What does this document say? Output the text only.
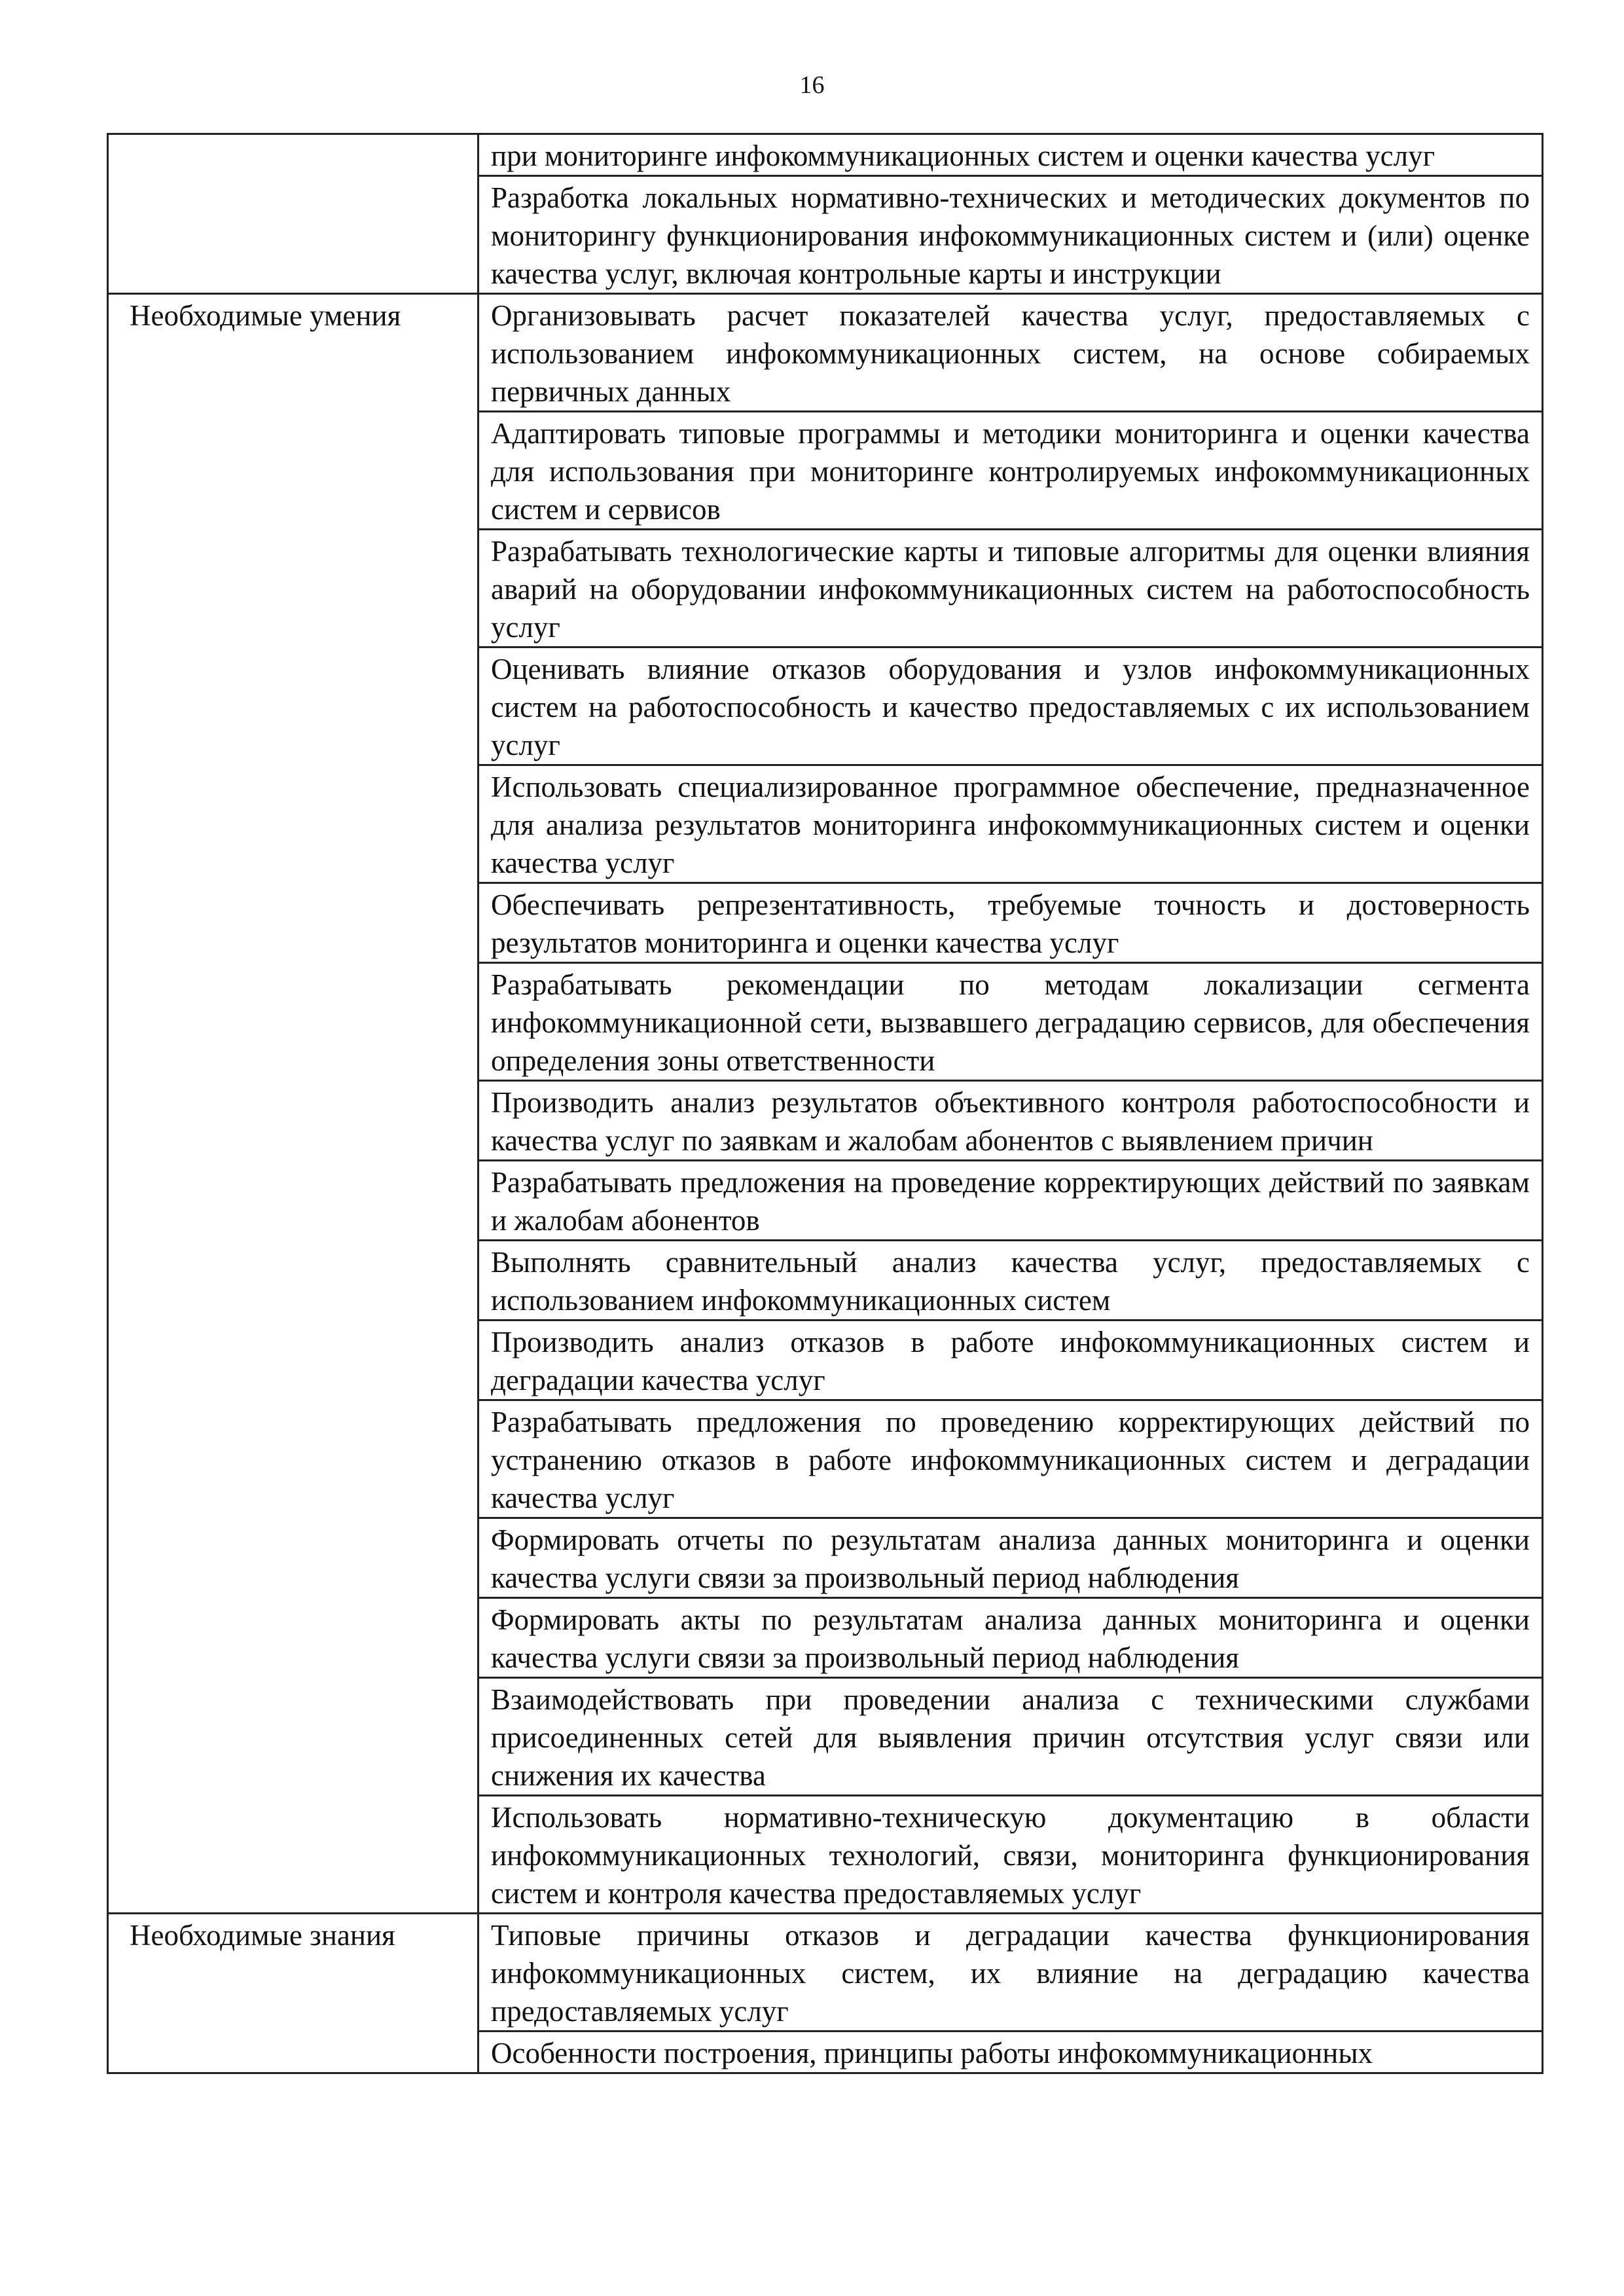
16
	при мониторинге инфокоммуникационных систем и оценки качества услуг
	Разработка локальных нормативно-технических и методических документов по мониторингу функционирования инфокоммуникационных систем и (или) оценке качества услуг, включая контрольные карты и инструкции
Необходимые умения	Организовывать расчет показателей качества услуг, предоставляемых с использованием инфокоммуникационных систем, на основе собираемых первичных данных
	Адаптировать типовые программы и методики мониторинга и оценки качества для использования при мониторинге контролируемых инфокоммуникационных систем и сервисов
	Разрабатывать технологические карты и типовые алгоритмы для оценки влияния аварий на оборудовании инфокоммуникационных систем на работоспособность услуг
	Оценивать влияние отказов оборудования и узлов инфокоммуникационных систем на работоспособность и качество предоставляемых с их использованием услуг
	Использовать специализированное программное обеспечение, предназначенное для анализа результатов мониторинга инфокоммуникационных систем и оценки качества услуг
	Обеспечивать репрезентативность, требуемые точность и достоверность результатов мониторинга и оценки качества услуг
	Разрабатывать рекомендации по методам локализации сегмента инфокоммуникационной сети, вызвавшего деградацию сервисов, для обеспечения определения зоны ответственности
	Производить анализ результатов объективного контроля работоспособности и качества услуг по заявкам и жалобам абонентов с выявлением причин
	Разрабатывать предложения на проведение корректирующих действий по заявкам и жалобам абонентов
	Выполнять сравнительный анализ качества услуг, предоставляемых с использованием инфокоммуникационных систем
	Производить анализ отказов в работе инфокоммуникационных систем и деградации качества услуг
	Разрабатывать предложения по проведению корректирующих действий по устранению отказов в работе инфокоммуникационных систем и деградации качества услуг
	Формировать отчеты по результатам анализа данных мониторинга и оценки качества услуги связи за произвольный период наблюдения
	Формировать акты по результатам анализа данных мониторинга и оценки качества услуги связи за произвольный период наблюдения
	Взаимодействовать при проведении анализа с техническими службами присоединенных сетей для выявления причин отсутствия услуг связи или снижения их качества
	Использовать нормативно-техническую документацию в области инфокоммуникационных технологий, связи, мониторинга функционирования систем и контроля качества предоставляемых услуг
Необходимые знания	Типовые причины отказов и деградации качества функционирования инфокоммуникационных систем, их влияние на деградацию качества предоставляемых услуг
	Особенности построения, принципы работы инфокоммуникационных
